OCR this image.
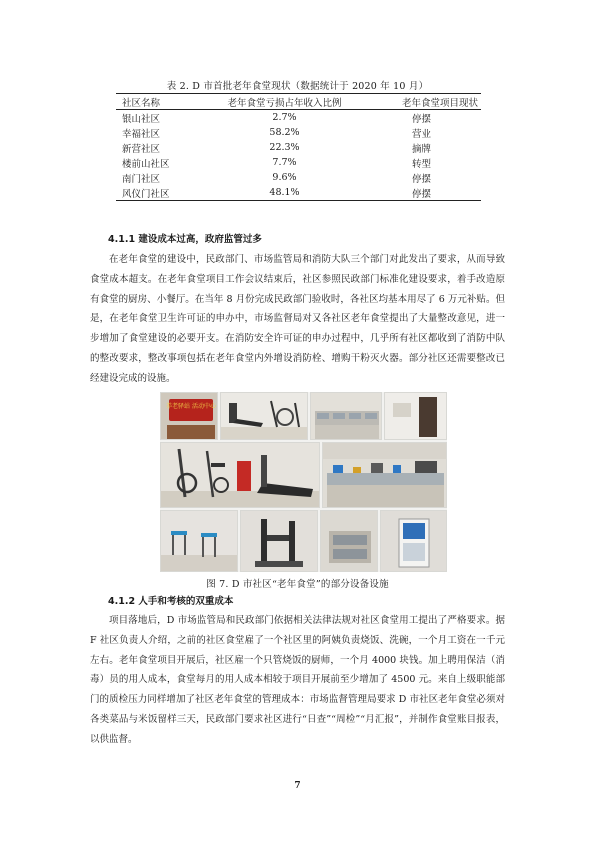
表 2. D 市首批老年食堂现状（数据统计于 2020 年 10 月）
社区名称	老年食堂亏损占年收入比例	老年食堂项目现状
银山社区	2.7%	停摆
幸福社区	58.2%	营业
新营社区	22.3%	摘牌
楼前山社区	7.7%	转型
南门社区	9.6%	停摆
风仪门社区	48.1%	停摆
4.1.1 建设成本过高，政府监管过多

在老年食堂的建设中，民政部门、市场监管局和消防大队三个部门对此发出了要求，从而导致食堂成本超支。在老年食堂项目工作会议结束后，社区参照民政部门标准化建设要求，着手改造原有食堂的厨房、小餐厅。在当年 8 月份完成民政部门验收时，各社区均基本用尽了 6 万元补贴。但是，在老年食堂卫生许可证的申办中，市场监督局对又各社区老年食堂提出了大量整改意见，进一步增加了食堂建设的必要开支。在消防安全许可证的申办过程中，几乎所有社区都收到了消防中队的整改要求，整改事项包括在老年食堂内外增设消防栓、增购干粉灭火器。部分社区还需要整改已经建设完成的设施。

养老驿站 活动中心
图 7. D 市社区“老年食堂”的部分设备设施
4.1.2 人手和考核的双重成本

项目落地后，D 市场监管局和民政部门依据相关法律法规对社区食堂用工提出了严格要求。据 F 社区负责人介绍，之前的社区食堂雇了一个社区里的阿姨负责烧饭、洗碗，一个月工资在一千元左右。老年食堂项目开展后，社区雇一个只管烧饭的厨师，一个月 4000 块钱。加上聘用保洁（消毒）员的用人成本，食堂每月的用人成本相较于项目开展前至少增加了 4500 元。来自上级职能部门的质检压力同样增加了社区老年食堂的管理成本：市场监督管理局要求 D 市社区老年食堂必须对各类菜品与米饭留样三天，民政部门要求社区进行“日查”“周检”“月汇报”，并制作食堂账目报表，以供监督。

7
